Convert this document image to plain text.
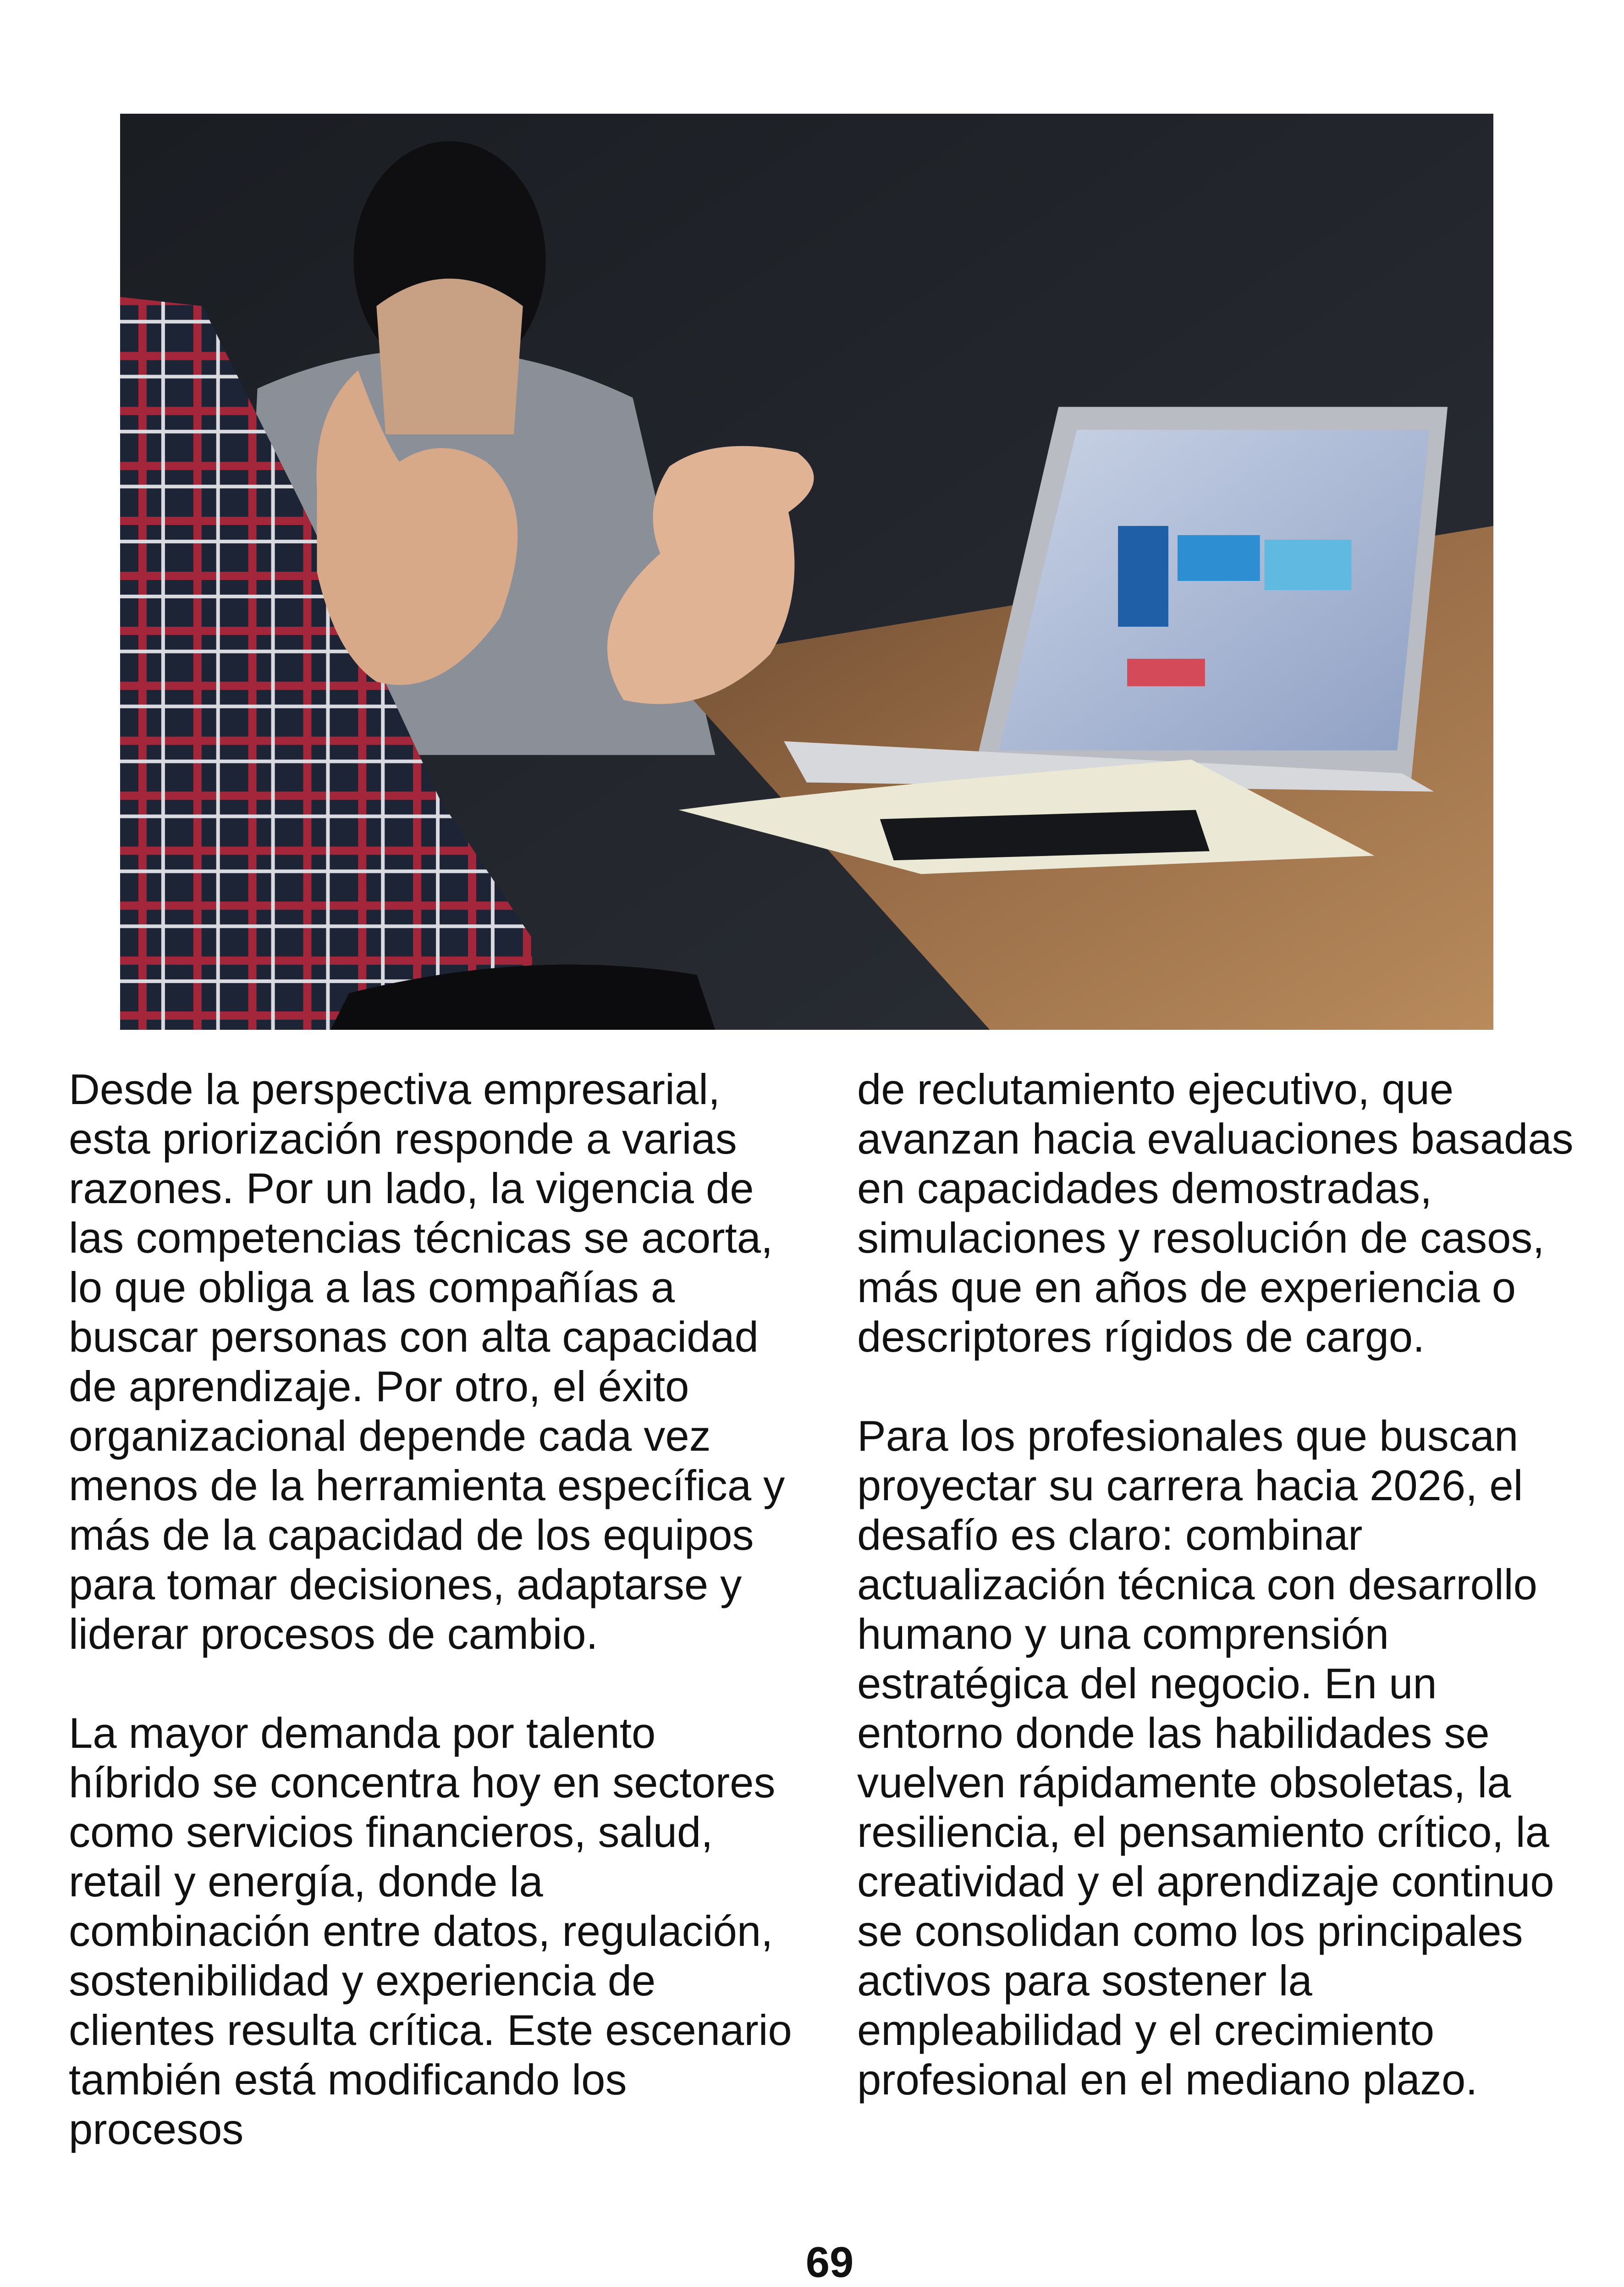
Desde la perspectiva empresarial, esta priorización responde a varias razones. Por un lado, la vigencia de las competencias técnicas se acorta, lo que obliga a las compañías a buscar personas con alta capacidad de aprendizaje. Por otro, el éxito organizacional depende cada vez menos de la herramienta específica y más de la capacidad de los equipos para tomar decisiones, adaptarse y liderar procesos de cambio.

La mayor demanda por talento híbrido se concentra hoy en sectores como servicios financieros, salud, retail y energía, donde la combinación entre datos, regulación, sostenibilidad y experiencia de clientes resulta crítica. Este escenario también está modificando los procesos

de reclutamiento ejecutivo, que avanzan hacia evaluaciones basadas en capacidades demostradas, simulaciones y resolución de casos, más que en años de experiencia o descriptores rígidos de cargo.

Para los profesionales que buscan proyectar su carrera hacia 2026, el desafío es claro: combinar actualización técnica con desarrollo humano y una comprensión estratégica del negocio. En un entorno donde las habilidades se vuelven rápidamente obsoletas, la resiliencia, el pensamiento crítico, la creatividad y el aprendizaje continuo se consolidan como los principales activos para sostener la empleabilidad y el crecimiento profesional en el mediano plazo.

69
